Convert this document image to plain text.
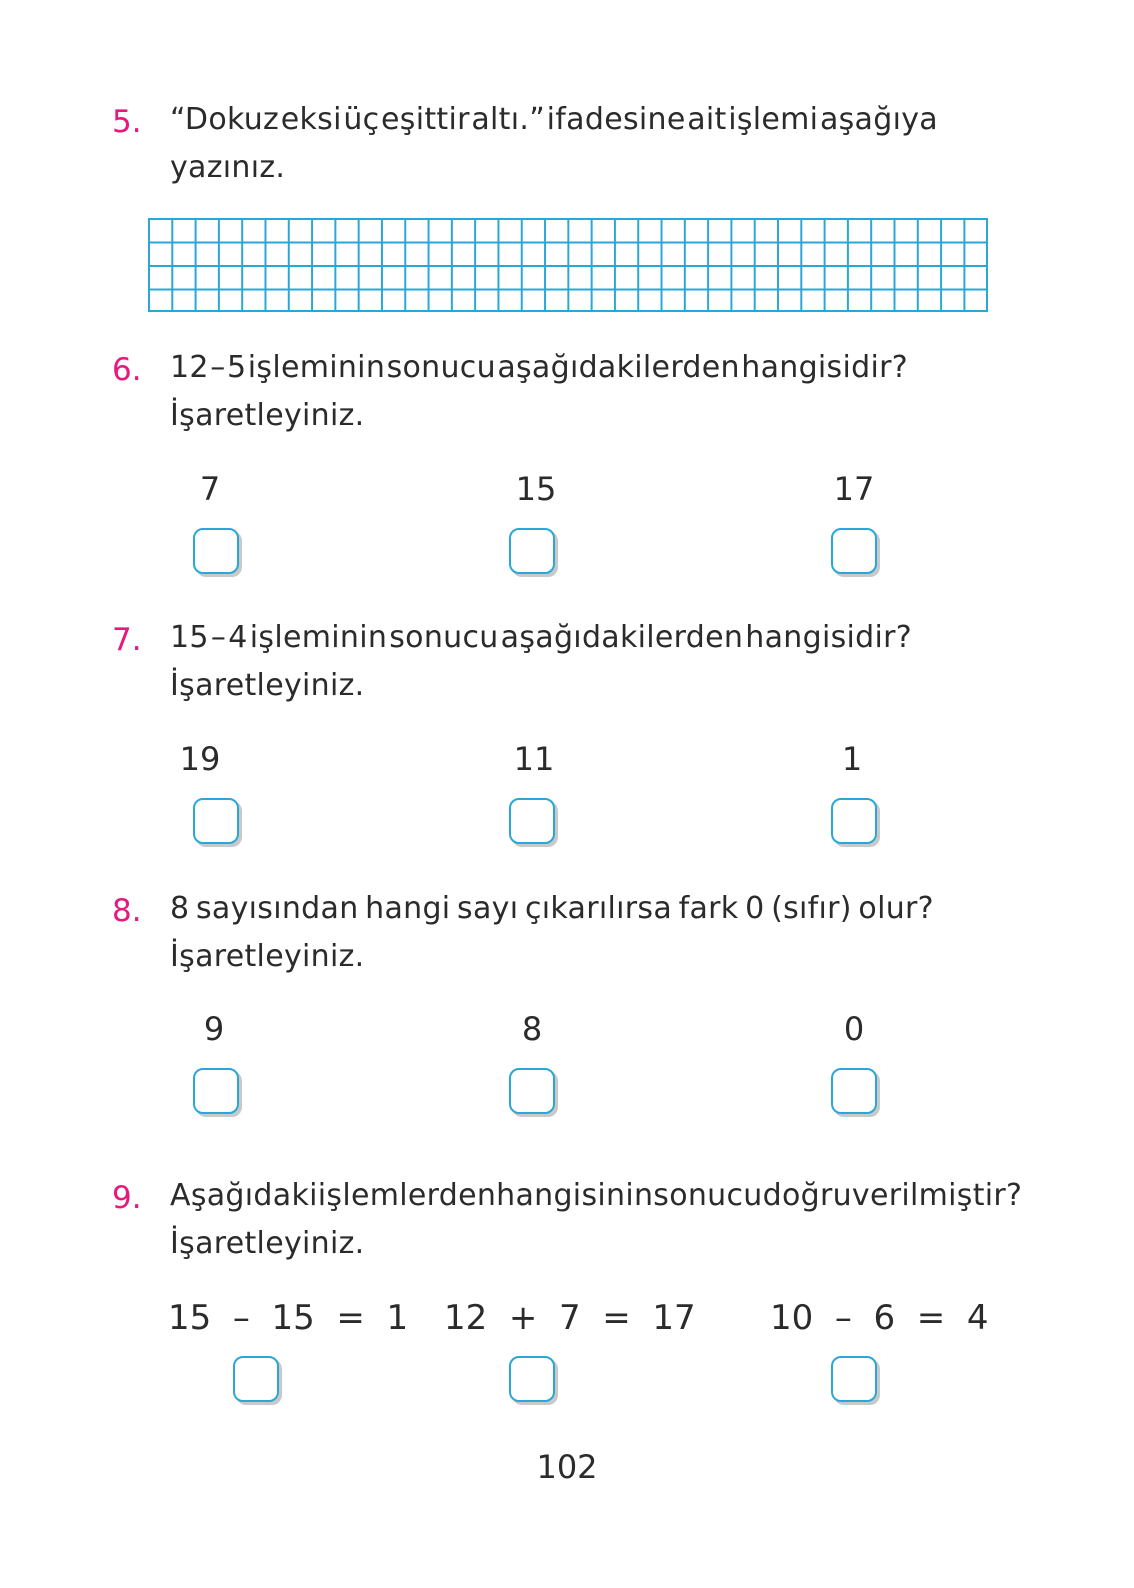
5. “Dokuz eksi üç eşittir altı.” ifadesine ait işlemi aşağıya
yazınız.
6. 12 – 5 işleminin sonucu aşağıdakilerden hangisidir?
İşaretleyiniz.
7	15	17
7. 15 – 4 işleminin sonucu aşağıdakilerden hangisidir?
İşaretleyiniz.
19	11	1
8. 8 sayısından hangi sayı çıkarılırsa fark 0 (sıfır) olur?
İşaretleyiniz.
9	8	0
9. Aşağıdaki işlemlerden hangisinin sonucu doğru verilmiştir?
İşaretleyiniz.
15  –  15  =  1 12  +  7  =  17 10  –  6  =  4
102
